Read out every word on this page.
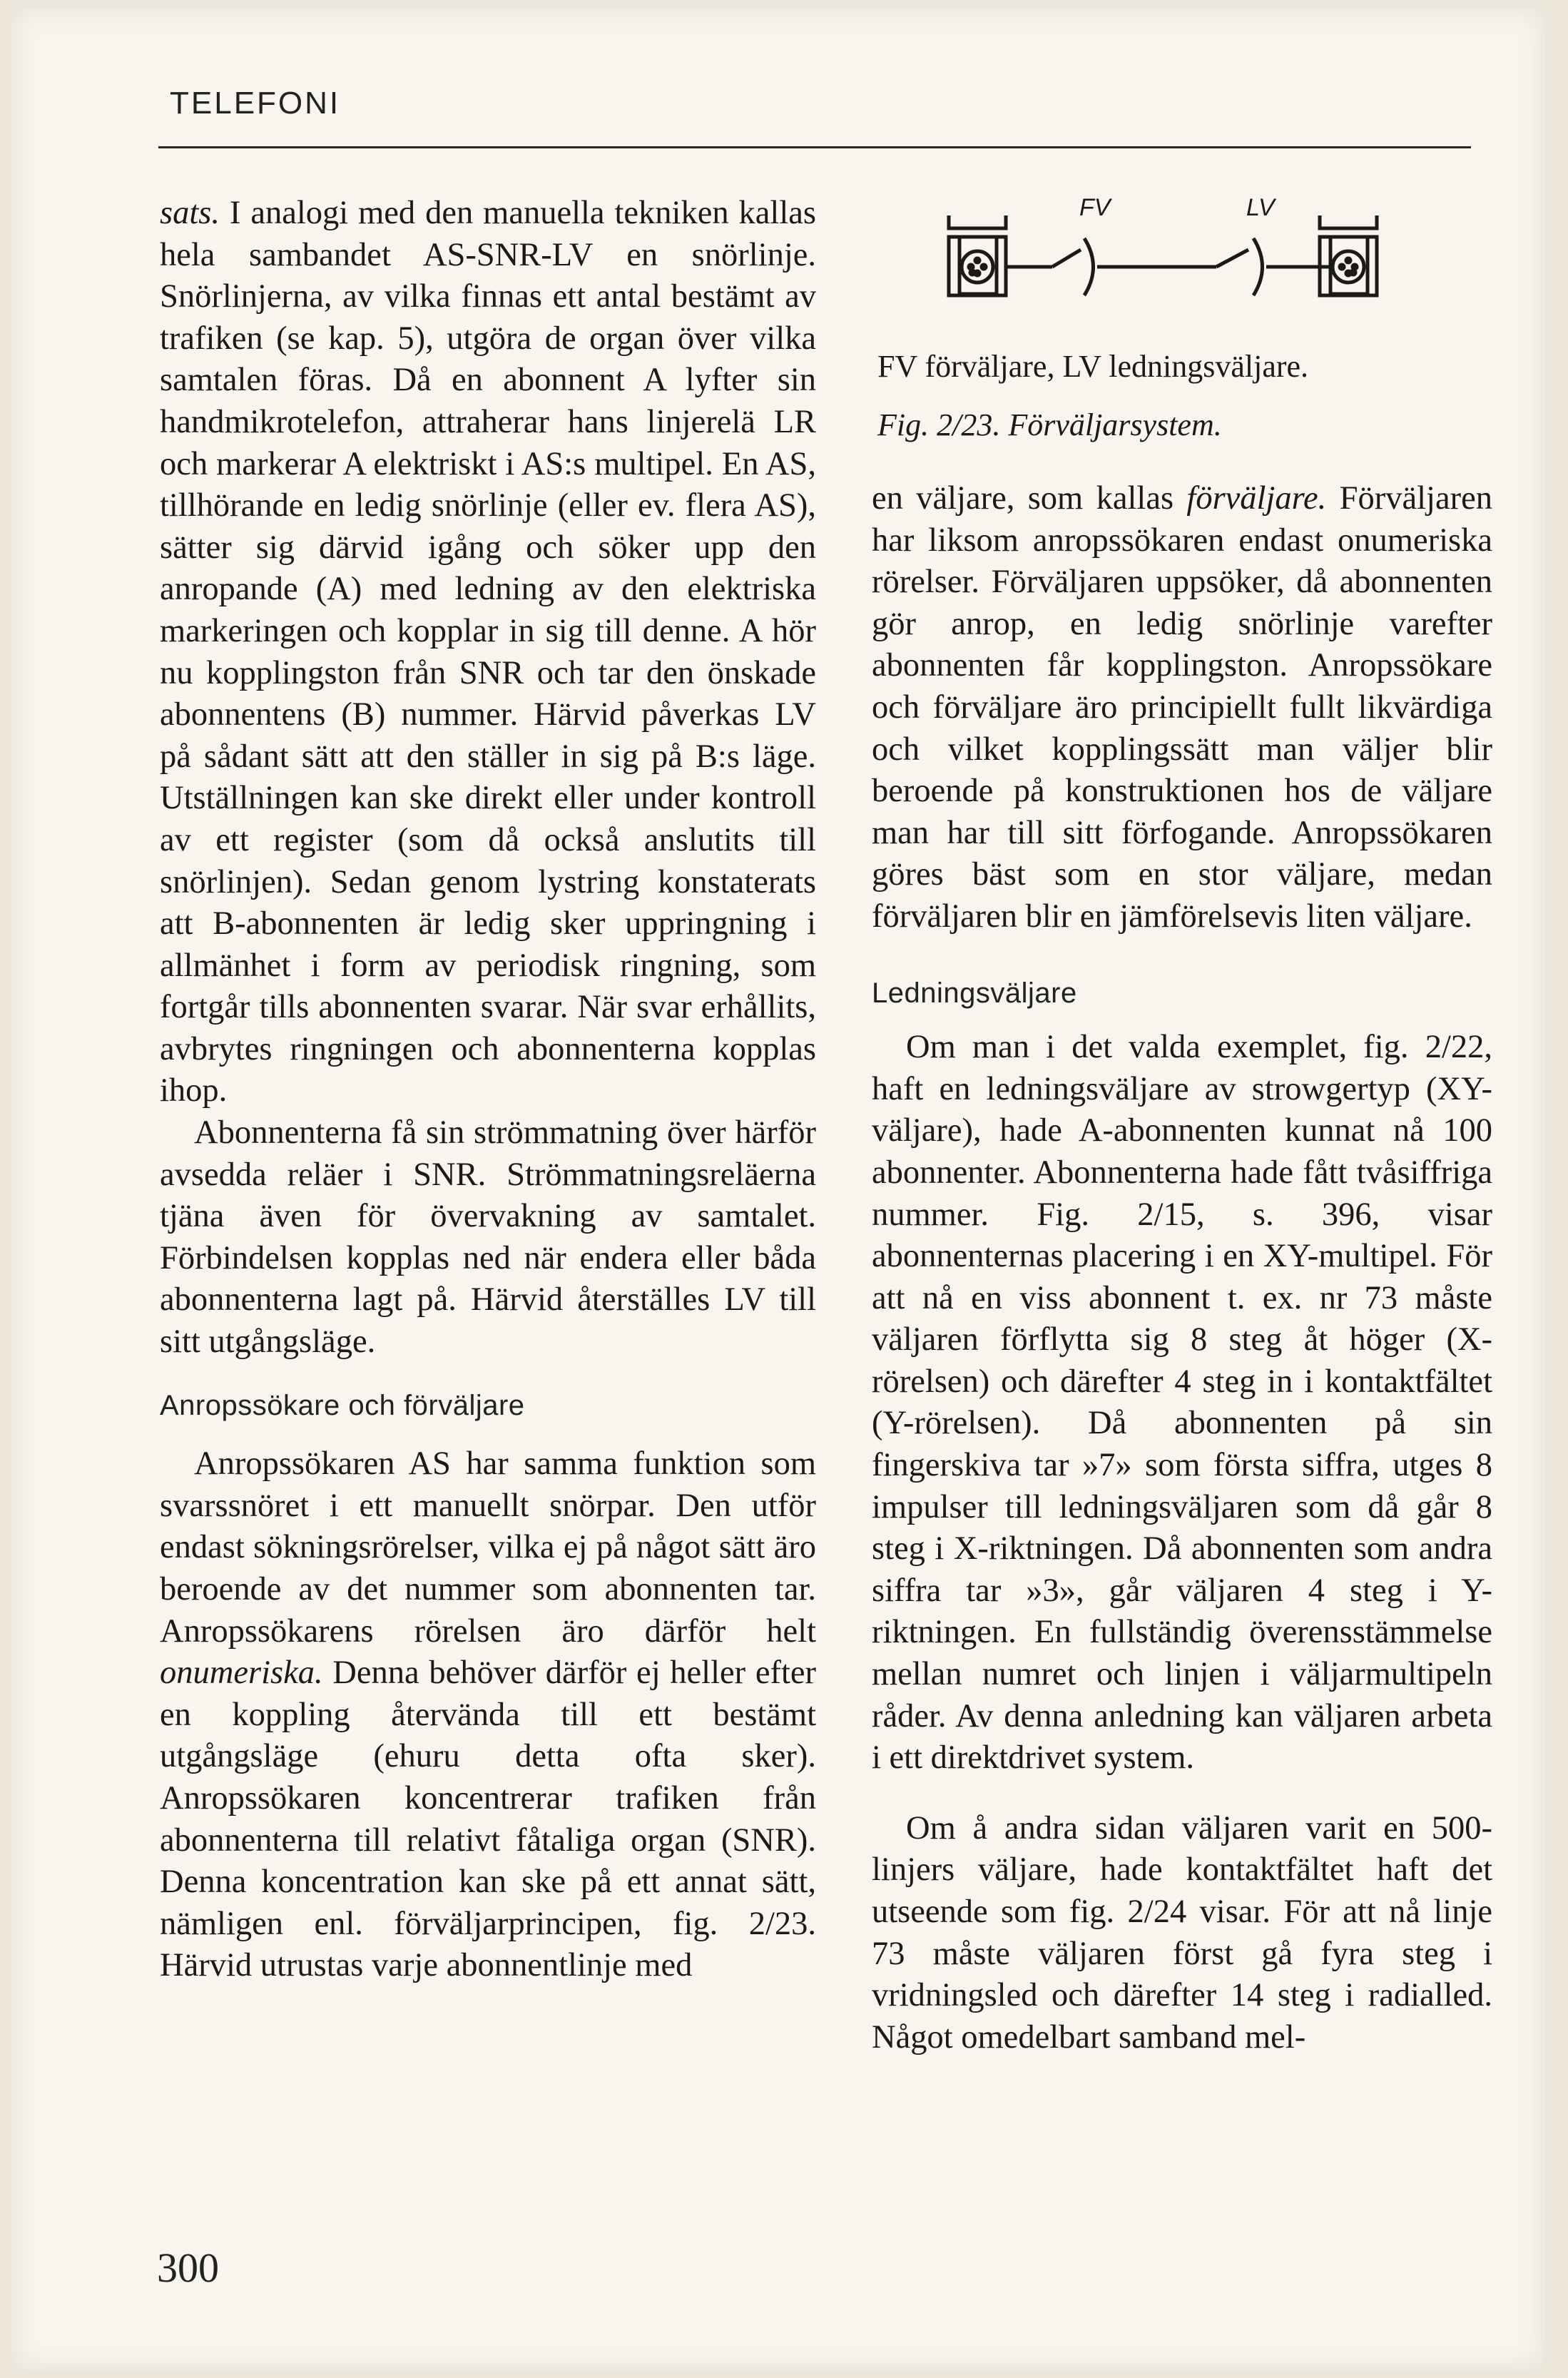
TELEFONI
FV	LV
FV förväljare, LV ledningsväljare.
Fig. 2/23. Förväljarsystem.

sats. I analogi med den manuella tekniken kallas hela sambandet AS-SNR-LV en snörlinje. Snörlinjerna, av vilka finnas ett antal bestämt av trafiken (se kap. 5), utgöra de organ över vilka samtalen föras. Då en abonnent A lyfter sin handmikrotelefon, attraherar hans linjerelä LR och markerar A elektriskt i AS:s multipel. En AS, tillhörande en ledig snörlinje (eller ev. flera AS), sätter sig därvid igång och söker upp den anropande (A) med ledning av den elektriska markeringen och kopplar in sig till denne. A hör nu kopplingston från SNR och tar den önskade abonnentens (B) nummer. Härvid påverkas LV på sådant sätt att den ställer in sig på B:s läge. Utställningen kan ske direkt eller under kontroll av ett register (som då också anslutits till snörlinjen). Sedan genom lystring konstaterats att B-abonnenten är ledig sker uppringning i allmänhet i form av periodisk ringning, som fortgår tills abonnenten svarar. När svar erhållits, avbrytes ringningen och abonnenterna kopplas ihop.

Abonnenterna få sin strömmatning över härför avsedda reläer i SNR. Strömmatningsreläerna tjäna även för övervakning av samtalet. Förbindelsen kopplas ned när endera eller båda abonnenterna lagt på. Härvid återställes LV till sitt utgångsläge.

Anropssökare och förväljare

Anropssökaren AS har samma funktion som svarssnöret i ett manuellt snörpar. Den utför endast sökningsrörelser, vilka ej på något sätt äro beroende av det nummer som abonnenten tar. Anropssökarens rörelsen äro därför helt onumeriska. Denna behöver därför ej heller efter en koppling återvända till ett bestämt utgångsläge (ehuru detta ofta sker). Anropssökaren koncentrerar trafiken från abonnenterna till relativt fåtaliga organ (SNR). Denna koncentration kan ske på ett annat sätt, nämligen enl. förväljarprincipen, fig. 2/23. Härvid utrustas varje abonnentlinje med

en väljare, som kallas förväljare. Förväljaren har liksom anropssökaren endast onumeriska rörelser. Förväljaren uppsöker, då abonnenten gör anrop, en ledig snörlinje varefter abonnenten får kopplingston. Anropssökare och förväljare äro principiellt fullt likvärdiga och vilket kopplingssätt man väljer blir beroende på konstruktionen hos de väljare man har till sitt förfogande. Anropssökaren göres bäst som en stor väljare, medan förväljaren blir en jämförelsevis liten väljare.

Ledningsväljare

Om man i det valda exemplet, fig. 2/22, haft en ledningsväljare av strowgertyp (XY-väljare), hade A-abonnenten kunnat nå 100 abonnenter. Abonnenterna hade fått tvåsiffriga nummer. Fig. 2/15, s. 396, visar abonnenternas placering i en XY-multipel. För att nå en viss abonnent t. ex. nr 73 måste väljaren förflytta sig 8 steg åt höger (X-rörelsen) och därefter 4 steg in i kontaktfältet (Y-rörelsen). Då abonnenten på sin fingerskiva tar »7» som första siffra, utges 8 impulser till ledningsväljaren som då går 8 steg i X-riktningen. Då abonnenten som andra siffra tar »3», går väljaren 4 steg i Y-riktningen. En fullständig överensstämmelse mellan numret och linjen i väljarmultipeln råder. Av denna anledning kan väljaren arbeta i ett direktdrivet system.

Om å andra sidan väljaren varit en 500-linjers väljare, hade kontaktfältet haft det utseende som fig. 2/24 visar. För att nå linje 73 måste väljaren först gå fyra steg i vridningsled och därefter 14 steg i radialled. Något omedelbart samband mel-

300
